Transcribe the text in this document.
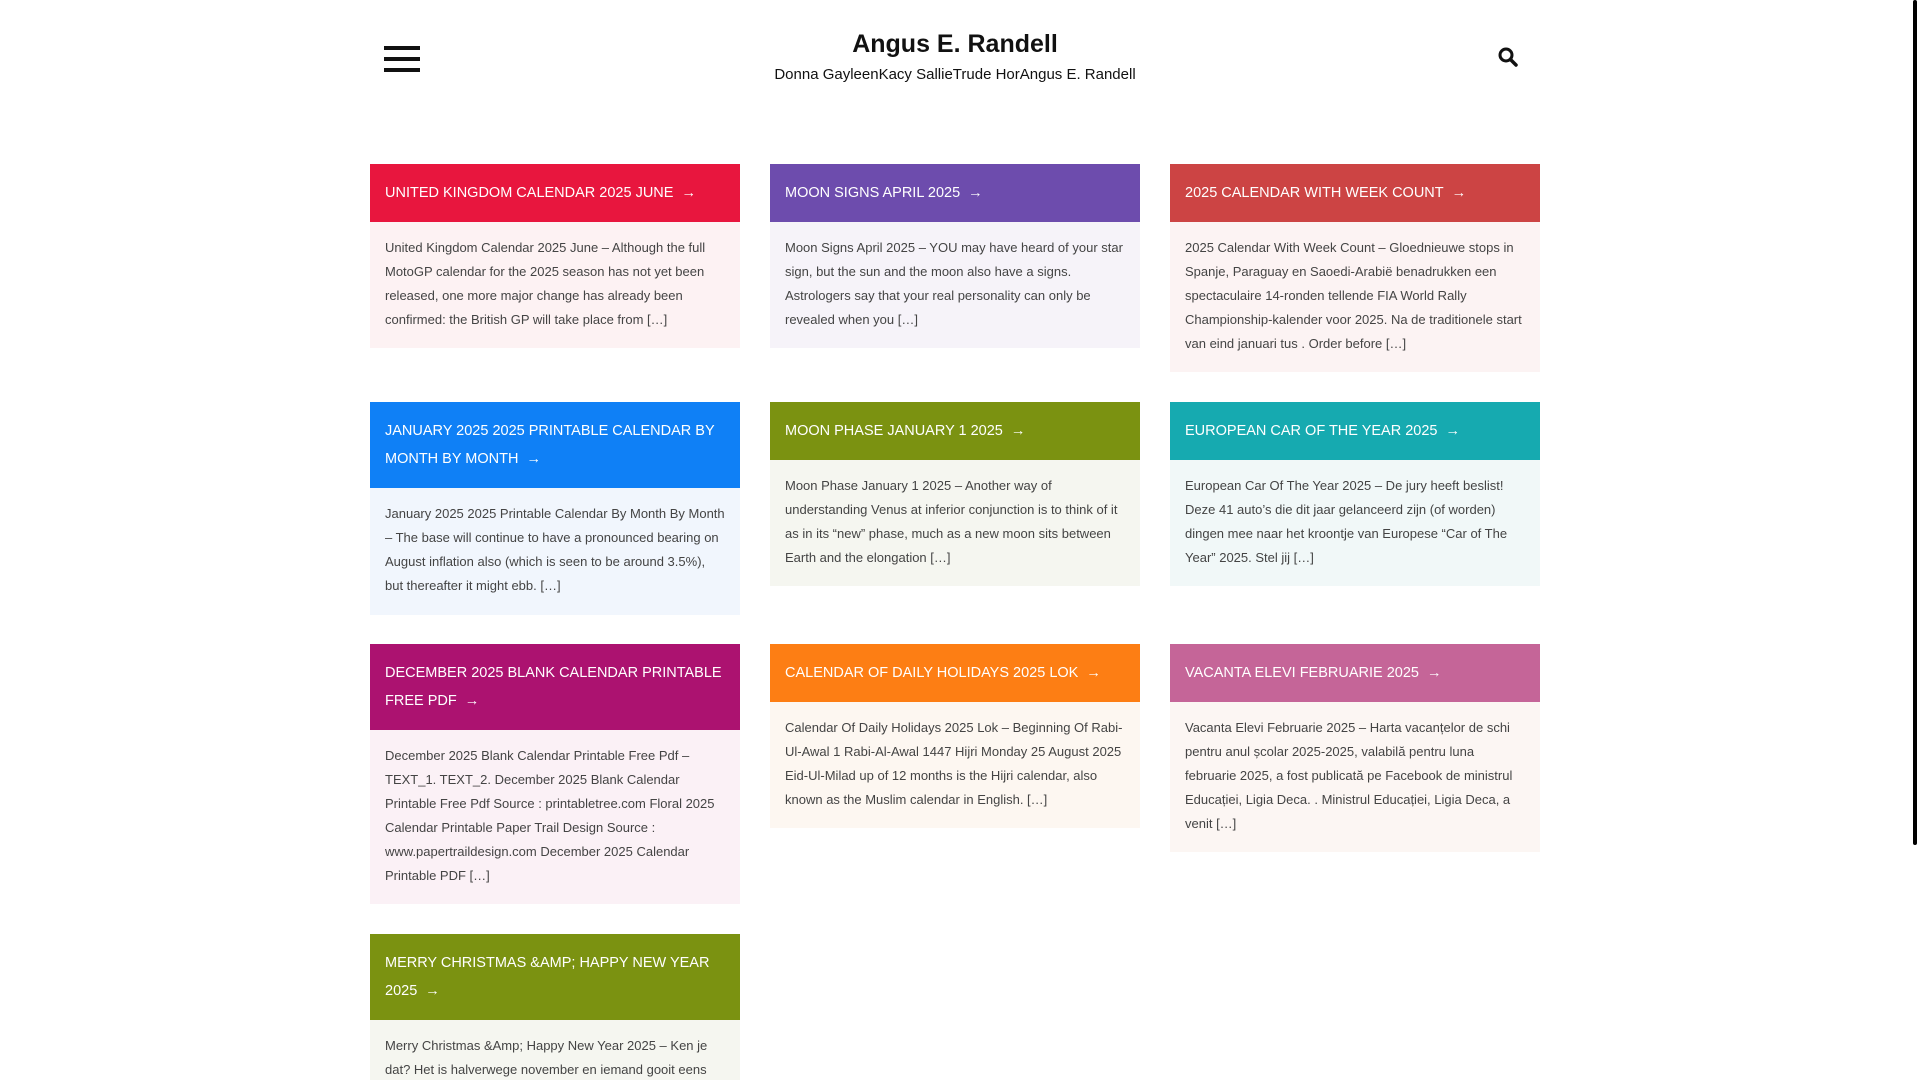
Angus E. Randell
Donna GayleenKacy SallieTrude HorAngus E. Randell
UNITED KINGDOM CALENDAR 2025 JUNE →
United Kingdom Calendar 2025 June – Although the full MotoGP calendar for the 2025 season has not yet been released, one more major change has already been confirmed: the British GP will take place from […]
JANUARY 2025 2025 PRINTABLE CALENDAR BY MONTH BY MONTH →
January 2025 2025 Printable Calendar By Month By Month – The base will continue to have a pronounced bearing on August inflation also (which is seen to be around 3.5%), but thereafter it might ebb. […]
DECEMBER 2025 BLANK CALENDAR PRINTABLE FREE PDF →
December 2025 Blank Calendar Printable Free Pdf – TEXT_1. TEXT_2. December 2025 Blank Calendar Printable Free Pdf Source : printabletree.com Floral 2025 Calendar Printable Paper Trail Design Source : www.papertraildesign.com December 2025 Calendar Printable PDF […]
MERRY CHRISTMAS &AMP; HAPPY NEW YEAR 2025 →
Merry Christmas &Amp; Happy New Year 2025 – Ken je dat? Het is halverwege november en iemand gooit eens
MOON SIGNS APRIL 2025 →
Moon Signs April 2025 – YOU may have heard of your star sign, but the sun and the moon also have a signs. Astrologers say that your real personality can only be revealed when you […]
MOON PHASE JANUARY 1 2025 →
Moon Phase January 1 2025 – Another way of understanding Venus at inferior conjunction is to think of it as in its “new” phase, much as a new moon sits between Earth and the elongation […]
CALENDAR OF DAILY HOLIDAYS 2025 LOK →
Calendar Of Daily Holidays 2025 Lok – Beginning Of Rabi-Ul-Awal 1 Rabi-Al-Awal 1447 Hijri Monday 25 August 2025 Eid-Ul-Milad up of 12 months is the Hijri calendar, also known as the Muslim calendar in English. […]
2025 CALENDAR WITH WEEK COUNT →
2025 Calendar With Week Count – Gloednieuwe stops in Spanje, Paraguay en Saoedi-Arabië benadrukken een spectaculaire 14-ronden tellende FIA World Rally Championship-kalender voor 2025. Na de traditionele start van eind januari tus . Order before […]
EUROPEAN CAR OF THE YEAR 2025 →
European Car Of The Year 2025 – De jury heeft beslist! Deze 41 auto’s die dit jaar gelanceerd zijn (of worden) dingen mee naar het kroontje van Europese “Car of The Year” 2025. Stel jij […]
VACANTA ELEVI FEBRUARIE 2025 →
Vacanta Elevi Februarie 2025 – Harta vacanțelor de schi pentru anul școlar 2025-2025, valabilă pentru luna februarie 2025, a fost publicată pe Facebook de ministrul Educației, Ligia Deca. . Ministrul Educației, Ligia Deca, a venit […]
